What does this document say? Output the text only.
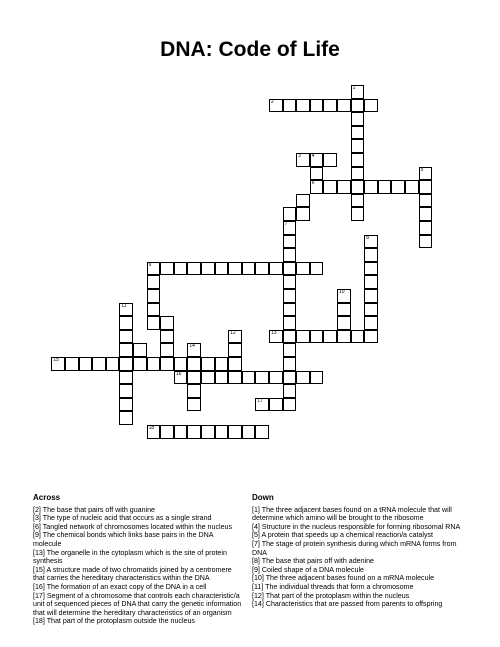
DNA: Code of Life
1
2
3 4
5
6
7
8
9
10
11
12	13
14
15
16
17
18
Across
[2] The base that pairs off with guanine
[3] The type of nucleic acid that occurs as a single strand
[6] Tangled network of chromosomes located within the nucleus
[9] The chemical bonds which links base pairs in the DNA molecule
[13] The organelle in the cytoplasm which is the site of protein synthesis
[15] A structure made of two chromatids joined by a centromere that carries the hereditary characteristics within the DNA
[16] The formation of an exact copy of the DNA in a cell
[17] Segment of a chromosome that controls each characteristic/a unit of sequenced pieces of DNA that carry the genetic information that will determine the hereditary characteristics of an organism
[18] That part of the protoplasm outside the nucleus
Down
[1] The three adjacent bases found on a tRNA molecule that will determine which amino will be brought to the ribosome
[4] Structure in the nucleus responsible for forming ribosomal RNA
[5] A protein that speeds up a chemical reaction/a catalyst
[7] The stage of protein synthesis during which mRNA forms from DNA
[8] The base that pairs off with adenine
[9] Coiled shape of a DNA molecule
[10] The three adjacent bases found on a mRNA molecule
[11] The individual threads that form a chromosome
[12] That part of the protoplasm within the nucleus
[14] Characteristics that are passed from parents to offspring
